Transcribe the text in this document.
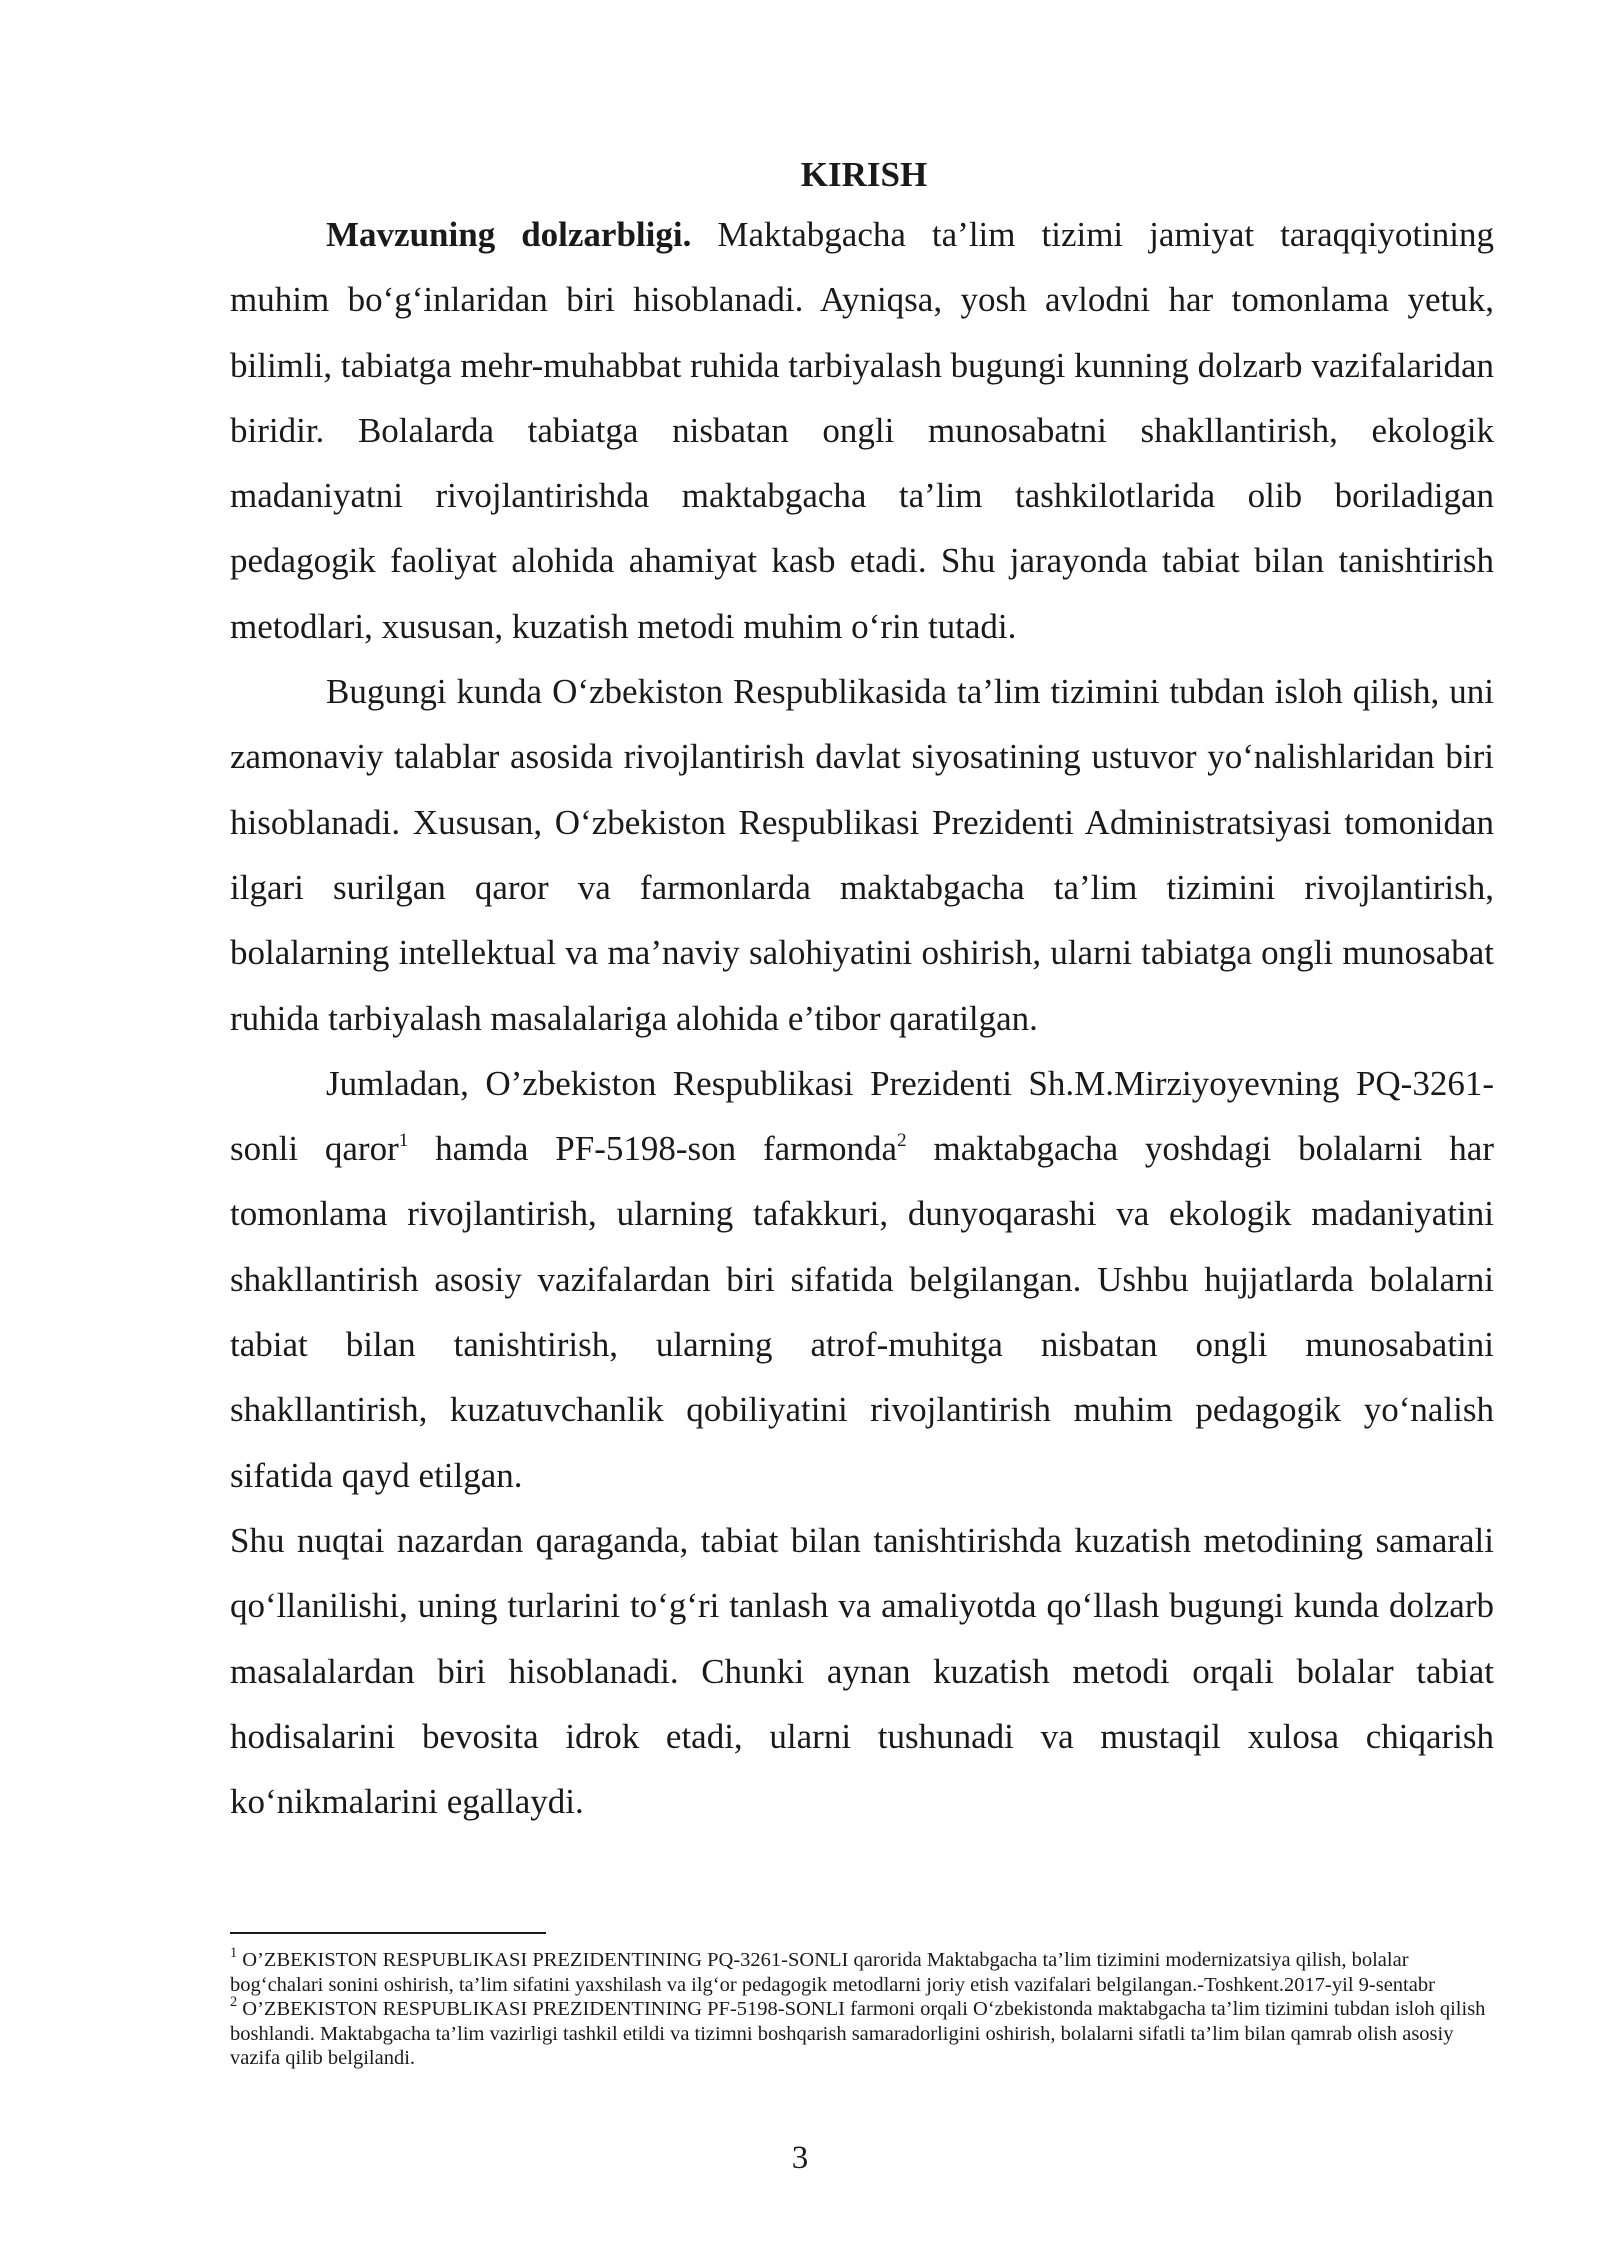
KIRISH

Mavzuning dolzarbligi. Maktabgacha ta’lim tizimi jamiyat taraqqiyotining muhim bo‘g‘inlaridan biri hisoblanadi. Ayniqsa, yosh avlodni har tomonlama yetuk, bilimli, tabiatga mehr-muhabbat ruhida tarbiyalash bugungi kunning dolzarb vazifalaridan biridir. Bolalarda tabiatga nisbatan ongli munosabatni shakllantirish, ekologik madaniyatni rivojlantirishda maktabgacha ta’lim tashkilotlarida olib boriladigan pedagogik faoliyat alohida ahamiyat kasb etadi. Shu jarayonda tabiat bilan tanishtirish metodlari, xususan, kuzatish metodi muhim o‘rin tutadi.

Bugungi kunda O‘zbekiston Respublikasida ta’lim tizimini tubdan isloh qilish, uni zamonaviy talablar asosida rivojlantirish davlat siyosatining ustuvor yo‘nalishlaridan biri hisoblanadi. Xususan, O‘zbekiston Respublikasi Prezidenti Administratsiyasi tomonidan ilgari surilgan qaror va farmonlarda maktabgacha ta’lim tizimini rivojlantirish, bolalarning intellektual va ma’naviy salohiyatini oshirish, ularni tabiatga ongli munosabat ruhida tarbiyalash masalalariga alohida e’tibor qaratilgan.

Jumladan, O’zbekiston Respublikasi Prezidenti Sh.M.Mirziyoyevning PQ-3261-sonli qaror$^1$ hamda PF-5198-son farmonda$^2$ maktabgacha yoshdagi bolalarni har tomonlama rivojlantirish, ularning tafakkuri, dunyoqarashi va ekologik madaniyatini shakllantirish asosiy vazifalardan biri sifatida belgilangan. Ushbu hujjatlarda bolalarni tabiat bilan tanishtirish, ularning atrof-muhitga nisbatan ongli munosabatini shakllantirish, kuzatuvchanlik qobiliyatini rivojlantirish muhim pedagogik yo‘nalish sifatida qayd etilgan.

Shu nuqtai nazardan qaraganda, tabiat bilan tanishtirishda kuzatish metodining samarali qo‘llanilishi, uning turlarini to‘g‘ri tanlash va amaliyotda qo‘llash bugungi kunda dolzarb masalalardan biri hisoblanadi. Chunki aynan kuzatish metodi orqali bolalar tabiat hodisalarini bevosita idrok etadi, ularni tushunadi va mustaqil xulosa chiqarish ko‘nikmalarini egallaydi.

$^1$ O’ZBEKISTON RESPUBLIKASI PREZIDENTINING PQ-3261-SONLI qarorida Maktabgacha ta’lim tizimini modernizatsiya qilish, bolalar bog‘chalari sonini oshirish, ta’lim sifatini yaxshilash va ilg‘or pedagogik metodlarni joriy etish vazifalari belgilangan.-Toshkent.2017-yil 9-sentabr

$^2$ O’ZBEKISTON RESPUBLIKASI PREZIDENTINING PF-5198-SONLI farmoni orqali O‘zbekistonda maktabgacha ta’lim tizimini tubdan isloh qilish boshlandi. Maktabgacha ta’lim vazirligi tashkil etildi va tizimni boshqarish samaradorligini oshirish, bolalarni sifatli ta’lim bilan qamrab olish asosiy vazifa qilib belgilandi.

3
